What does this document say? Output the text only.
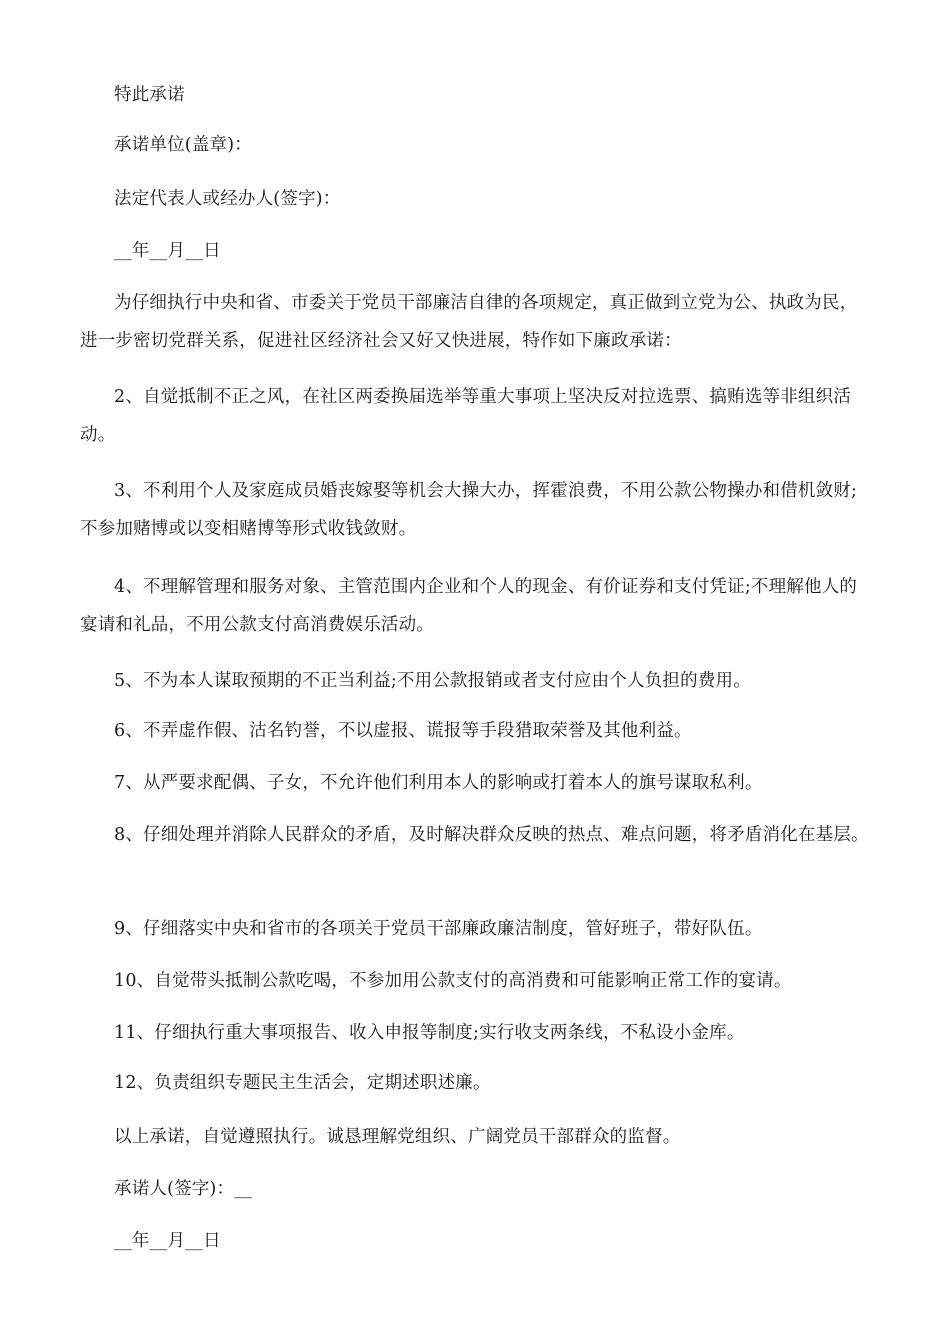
特此承诺

承诺单位(盖章)：

法定代表人或经办人(签字)：

__年__月__日

为仔细执行中央和省、市委关于党员干部廉洁自律的各项规定，真正做到立党为公、执政为民，进一步密切党群关系，促进社区经济社会又好又快进展，特作如下廉政承诺：

2、自觉抵制不正之风，在社区两委换届选举等重大事项上坚决反对拉选票、搞贿选等非组织活动。

3、不利用个人及家庭成员婚丧嫁娶等机会大操大办，挥霍浪费，不用公款公物操办和借机敛财;不参加赌博或以变相赌博等形式收钱敛财。

4、不理解管理和服务对象、主管范围内企业和个人的现金、有价证券和支付凭证;不理解他人的宴请和礼品，不用公款支付高消费娱乐活动。

5、不为本人谋取预期的不正当利益;不用公款报销或者支付应由个人负担的费用。

6、不弄虚作假、沽名钓誉，不以虚报、谎报等手段猎取荣誉及其他利益。

7、从严要求配偶、子女，不允许他们利用本人的影响或打着本人的旗号谋取私利。

8、仔细处理并消除人民群众的矛盾，及时解决群众反映的热点、难点问题，将矛盾消化在基层。

9、仔细落实中央和省市的各项关于党员干部廉政廉洁制度，管好班子，带好队伍。

10、自觉带头抵制公款吃喝，不参加用公款支付的高消费和可能影响正常工作的宴请。

11、仔细执行重大事项报告、收入申报等制度;实行收支两条线，不私设小金库。

12、负责组织专题民主生活会，定期述职述廉。

以上承诺，自觉遵照执行。诚恳理解党组织、广阔党员干部群众的监督。

承诺人(签字)：__

__年__月__日
